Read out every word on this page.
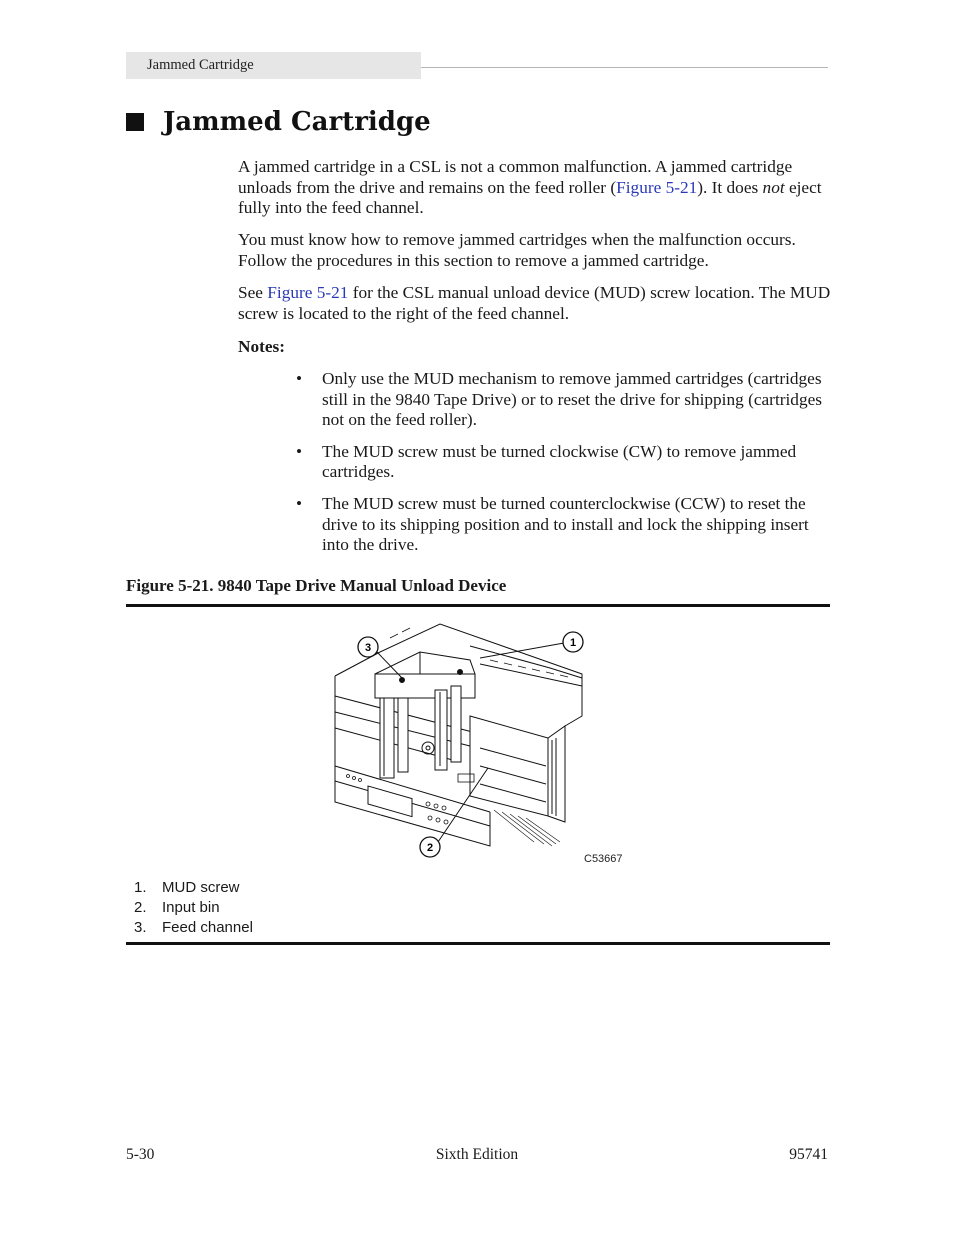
Jammed Cartridge
Jammed Cartridge

A jammed cartridge in a CSL is not a common malfunction. A jammed cartridge unloads from the drive and remains on the feed roller (Figure 5-21). It does not eject fully into the feed channel.

You must know how to remove jammed cartridges when the malfunction occurs. Follow the procedures in this section to remove a jammed cartridge.

See Figure 5-21 for the CSL manual unload device (MUD) screw location. The MUD screw is located to the right of the feed channel.

Notes:
• Only use the MUD mechanism to remove jammed cartridges (cartridges still in the 9840 Tape Drive) or to reset the drive for shipping (cartridges not on the feed roller).
• The MUD screw must be turned clockwise (CW) to remove jammed cartridges.
• The MUD screw must be turned counterclockwise (CCW) to reset the drive to its shipping position and to install and lock the shipping insert into the drive.

Figure 5-21. 9840 Tape Drive Manual Unload Device

3	1
2
C53667
1. MUD screw
2. Input bin
3. Feed channel
5-30	Sixth Edition	95741
